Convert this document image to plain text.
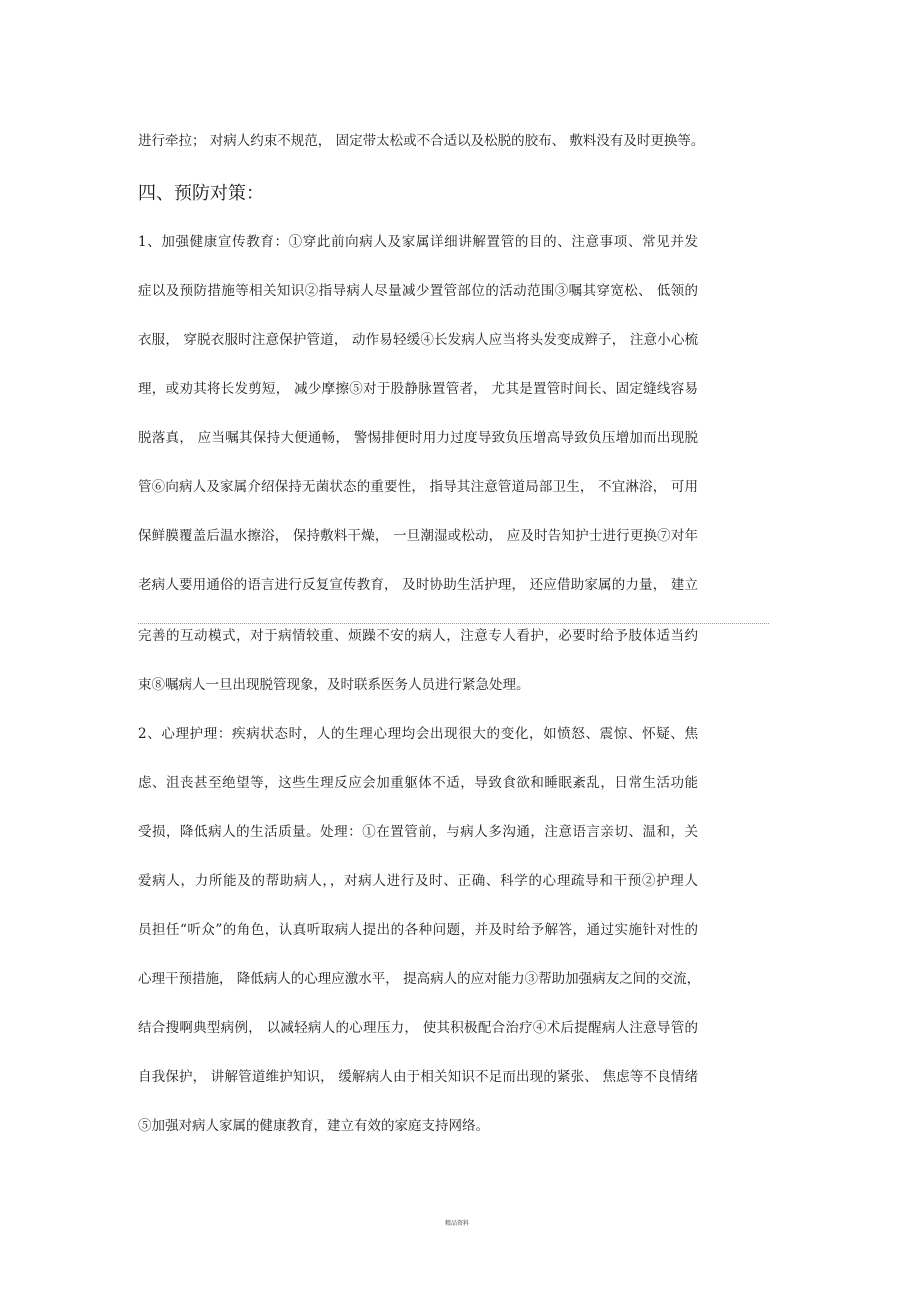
进行牵拉； 对病人约束不规范， 固定带太松或不合适以及松脱的胶布、 敷料没有及时更换等。
四、预防对策：
1、加强健康宣传教育：①穿此前向病人及家属详细讲解置管的目的、注意事项、常见并发
症以及预防措施等相关知识②指导病人尽量减少置管部位的活动范围③嘱其穿宽松、 低领的
衣服， 穿脱衣服时注意保护管道， 动作易轻缓④长发病人应当将头发变成辫子， 注意小心梳
理，或劝其将长发剪短， 减少摩擦⑤对于股静脉置管者， 尤其是置管时间长、固定缝线容易
脱落真， 应当嘱其保持大便通畅， 警惕排便时用力过度导致负压增高导致负压增加而出现脱
管⑥向病人及家属介绍保持无菌状态的重要性， 指导其注意管道局部卫生， 不宜淋浴， 可用
保鲜膜覆盖后温水擦浴， 保持敷料干燥， 一旦潮湿或松动， 应及时告知护士进行更换⑦对年
老病人要用通俗的语言进行反复宣传教育， 及时协助生活护理， 还应借助家属的力量， 建立
完善的互动模式，对于病情较重、烦躁不安的病人，注意专人看护，必要时给予肢体适当约
束⑧嘱病人一旦出现脱管现象，及时联系医务人员进行紧急处理。
2、心理护理：疾病状态时，人的生理心理均会出现很大的变化，如愤怒、震惊、怀疑、焦
虑、沮丧甚至绝望等，这些生理反应会加重躯体不适，导致食欲和睡眠紊乱，日常生活功能
受损，降低病人的生活质量。处理：①在置管前，与病人多沟通，注意语言亲切、温和，关
爱病人，力所能及的帮助病人，，对病人进行及时、正确、科学的心理疏导和干预②护理人
员担任“听众”的角色，认真听取病人提出的各种问题，并及时给予解答，通过实施针对性的
心理干预措施， 降低病人的心理应激水平， 提高病人的应对能力③帮助加强病友之间的交流，
结合搜啊典型病例， 以减轻病人的心理压力， 使其积极配合治疗④术后提醒病人注意导管的
自我保护， 讲解管道维护知识， 缓解病人由于相关知识不足而出现的紧张、 焦虑等不良情绪
⑤加强对病人家属的健康教育，建立有效的家庭支持网络。
精品资料
